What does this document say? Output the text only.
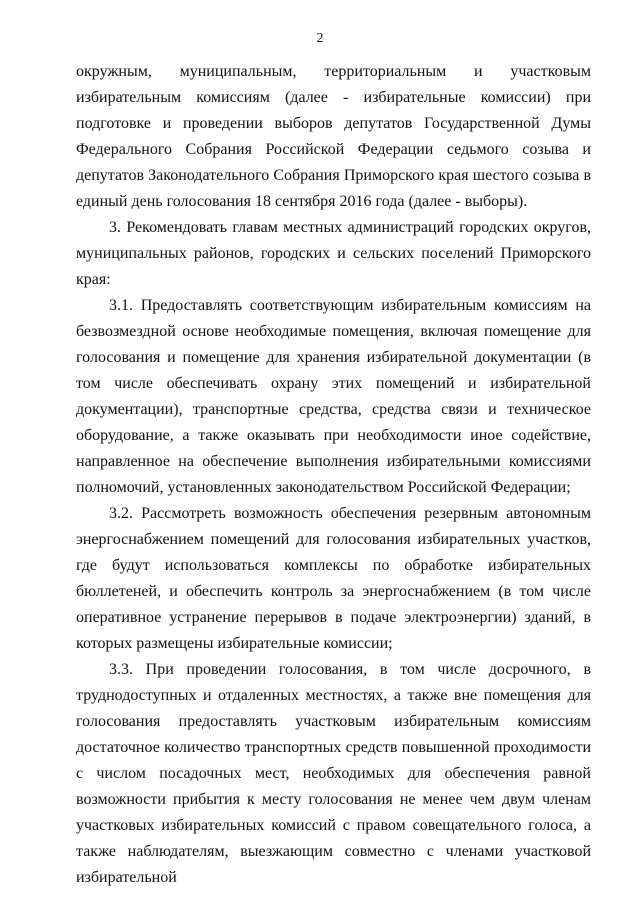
2

окружным, муниципальным, территориальным и участковым избирательным комиссиям (далее - избирательные комиссии) при подготовке и проведении выборов депутатов Государственной Думы Федерального Собрания Российской Федерации седьмого созыва и депутатов Законодательного Собрания Приморского края шестого созыва в единый день голосования 18 сентября 2016 года (далее - выборы).

3. Рекомендовать главам местных администраций городских округов, муниципальных районов, городских и сельских поселений Приморского края:

3.1. Предоставлять соответствующим избирательным комиссиям на безвозмездной основе необходимые помещения, включая помещение для голосования и помещение для хранения избирательной документации (в том числе обеспечивать охрану этих помещений и избирательной документации), транспортные средства, средства связи и техническое оборудование, а также оказывать при необходимости иное содействие, направленное на обеспечение выполнения избирательными комиссиями полномочий, установленных законодательством Российской Федерации;

3.2. Рассмотреть возможность обеспечения резервным автономным энергоснабжением помещений для голосования избирательных участков, где будут использоваться комплексы по обработке избирательных бюллетеней, и обеспечить контроль за энергоснабжением (в том числе оперативное устранение перерывов в подаче электроэнергии) зданий, в которых размещены избирательные комиссии;

3.3. При проведении голосования, в том числе досрочного, в труднодоступных и отдаленных местностях, а также вне помещения для голосования предоставлять участковым избирательным комиссиям достаточное количество транспортных средств повышенной проходимости с числом посадочных мест, необходимых для обеспечения равной возможности прибытия к месту голосования не менее чем двум членам участковых избирательных комиссий с правом совещательного голоса, а также наблюдателям, выезжающим совместно с членами участковой избирательной
